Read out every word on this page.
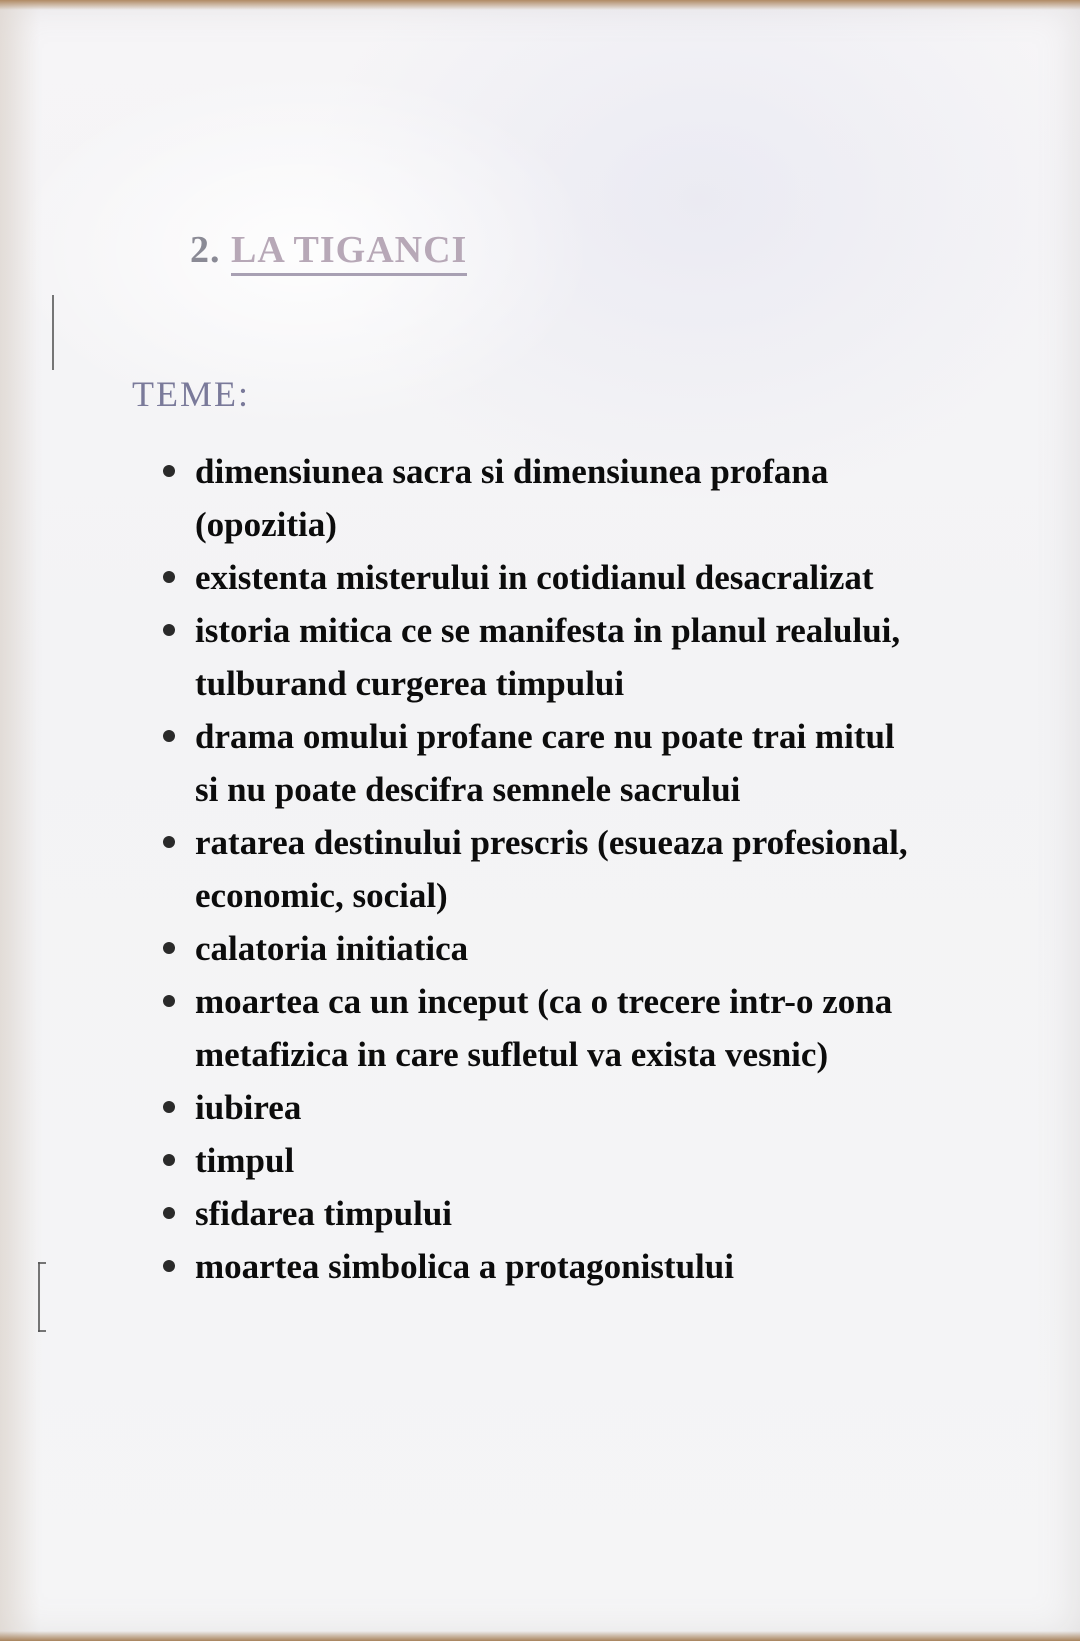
2. LA TIGANCI
TEME:
dimensiunea sacra si dimensiunea profana (opozitia)
existenta misterului in cotidianul desacralizat
istoria mitica ce se manifesta in planul realului, tulburand curgerea timpului
drama omului profane care nu poate trai mitul si nu poate descifra semnele sacrului
ratarea destinului prescris (esueaza profesional, economic, social)
calatoria initiatica
moartea ca un inceput (ca o trecere intr-o zona metafizica in care sufletul va exista vesnic)
iubirea
timpul
sfidarea timpului
moartea simbolica a protagonistului
